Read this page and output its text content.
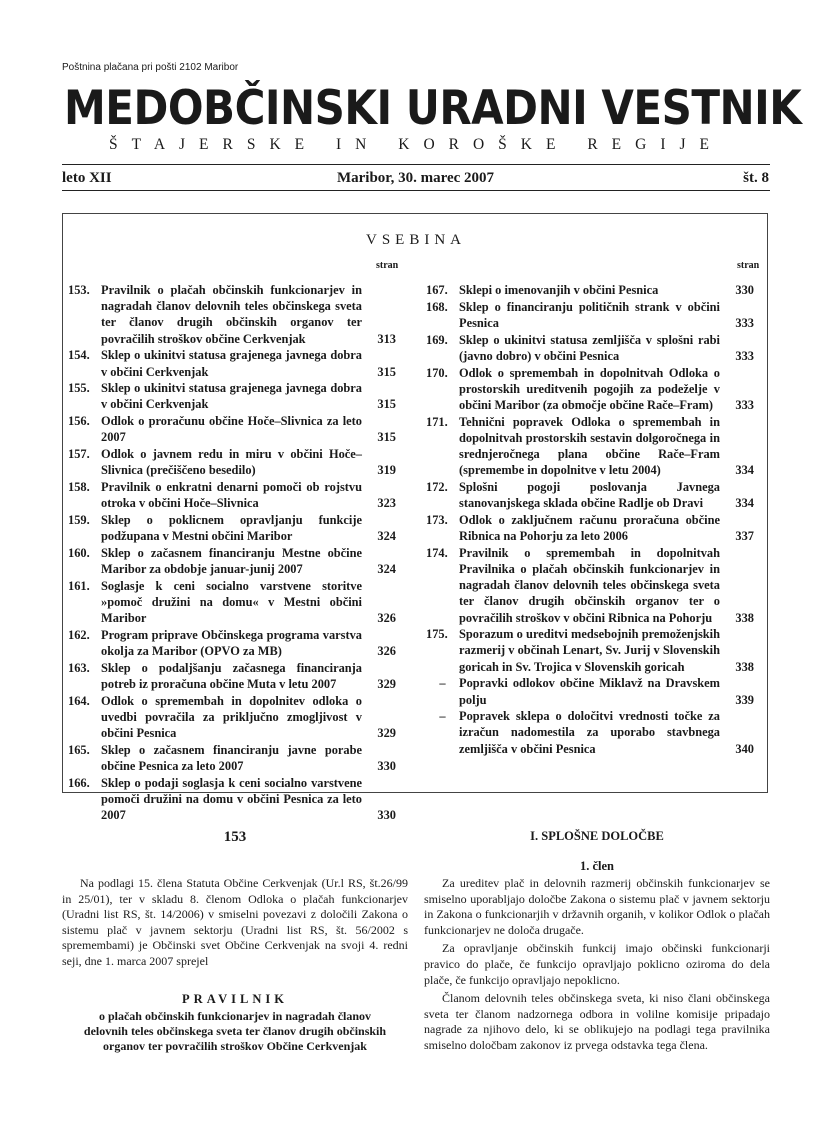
Poštnina plačana pri pošti 2102 Maribor
MEDOBČINSKI URADNI VESTNIK
ŠTAJERSKE IN KOROŠKE REGIJE
Maribor, 30. marec 2007
leto XII	št. 8
VSEBINA
stran	stran
153. Pravilnik o plačah občinskih funkcionarjev in nagradah članov delovnih teles občinskega sveta ter članov drugih občinskih organov ter povračilih stroškov občine Cerkvenjak	313
154. Sklep o ukinitvi statusa grajenega javnega dobra v občini Cerkvenjak	315
155. Sklep o ukinitvi statusa grajenega javnega dobra v občini Cerkvenjak	315
156. Odlok o proračunu občine Hoče–Slivnica za leto 2007	315
157. Odlok o javnem redu in miru v občini Hoče–Slivnica (prečiščeno besedilo)	319
158. Pravilnik o enkratni denarni pomoči ob rojstvu otroka v občini Hoče–Slivnica	323
159. Sklep o poklicnem opravljanju funkcije podžupana v Mestni občini Maribor	324
160. Sklep o začasnem financiranju Mestne občine Maribor za obdobje januar-junij 2007	324
161. Soglasje k ceni socialno varstvene storitve »pomoč družini na domu« v Mestni občini Maribor	326
162. Program priprave Občinskega programa varstva okolja za Maribor (OPVO za MB)	326
163. Sklep o podaljšanju začasnega financiranja potreb iz proračuna občine Muta v letu 2007	329
164. Odlok o spremembah in dopolnitev odloka o uvedbi povračila za priključno zmogljivost v občini Pesnica	329
165. Sklep o začasnem financiranju javne porabe občine Pesnica za leto 2007	330
166. Sklep o podaji soglasja k ceni socialno varstvene pomoči družini na domu v občini Pesnica za leto 2007	330
167. Sklepi o imenovanjih v občini Pesnica	330
168. Sklep o financiranju političnih strank v občini Pesnica	333
169. Sklep o ukinitvi statusa zemljišča v splošni rabi (javno dobro) v občini Pesnica	333
170. Odlok o spremembah in dopolnitvah Odloka o prostorskih ureditvenih pogojih za podeželje v občini Maribor (za območje občine Rače–Fram)	333
171. Tehnični popravek Odloka o spremembah in dopolnitvah prostorskih sestavin dolgoročnega in srednjeročnega plana občine Rače–Fram (spremembe in dopolnitve v letu 2004)	334
172. Splošni pogoji poslovanja Javnega stanovanjskega sklada občine Radlje ob Dravi	334
173. Odlok o zaključnem računu proračuna občine Ribnica na Pohorju za leto 2006	337
174. Pravilnik o spremembah in dopolnitvah Pravilnika o plačah občinskih funkcionarjev in nagradah članov delovnih teles občinskega sveta ter članov drugih občinskih organov ter o povračilih stroškov v občini Ribnica na Pohorju	338
175. Sporazum o ureditvi medsebojnih premoženjskih razmerij v občinah Lenart, Sv. Jurij v Slovenskih goricah in Sv. Trojica v Slovenskih goricah	338
–	Popravki odlokov občine Miklavž na Dravskem polju	339
–	Popravek sklepa o določitvi vrednosti točke za izračun nadomestila za uporabo stavbnega zemljišča v občini Pesnica	340
153
Na podlagi 15. člena Statuta Občine Cerkvenjak (Ur.l RS, št.26/99 in 25/01), ter v skladu 8. členom Odloka o plačah funkcionarjev (Uradni list RS, št. 14/2006) v smiselni povezavi z določili Zakona o sistemu plač v javnem sektorju (Uradni list RS, št. 56/2002 s spremembami) je Občinski svet Občine Cerkvenjak na svoji 4. redni seji, dne 1. marca 2007 sprejel
PRAVILNIK
o plačah občinskih funkcionarjev in nagradah članov delovnih teles občinskega sveta ter članov drugih občinskih organov ter povračilih stroškov Občine Cerkvenjak
I. SPLOŠNE DOLOČBE
1. člen
Za ureditev plač in delovnih razmerij občinskih funkcionarjev se smiselno uporabljajo določbe Zakona o sistemu plač v javnem sektorju in Zakona o funkcionarjih v državnih organih, v kolikor Odlok o plačah funkcionarjev ne določa drugače.
Za opravljanje občinskih funkcij imajo občinski funkcionarji pravico do plače, če funkcijo opravljajo poklicno oziroma do dela plače, če funkcijo opravljajo nepoklicno.
Članom delovnih teles občinskega sveta, ki niso člani občinskega sveta ter članom nadzornega odbora in volilne komisije pripadajo nagrade za njihovo delo, ki se oblikujejo na podlagi tega pravilnika smiselno določbam zakonov iz prvega odstavka tega člena.
